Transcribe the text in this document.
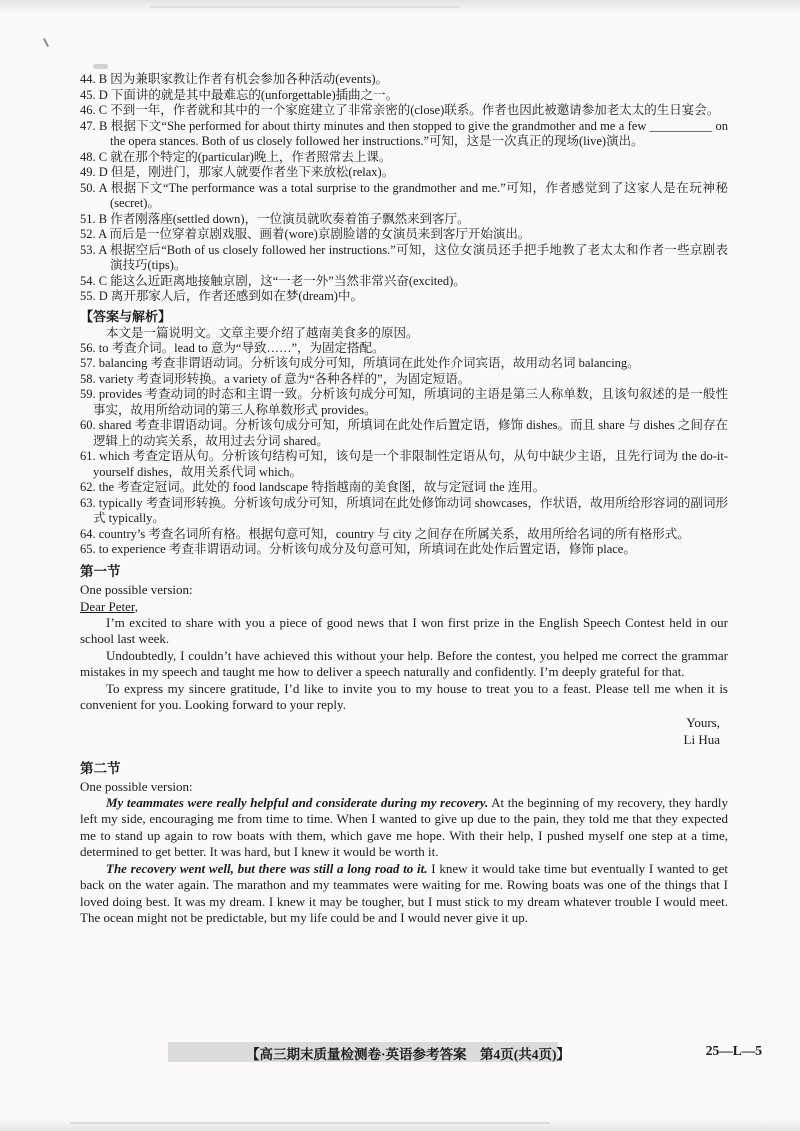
44. B 因为兼职家教让作者有机会参加各种活动(events)。
45. D 下面讲的就是其中最难忘的(unforgettable)插曲之一。
46. C 不到一年，作者就和其中的一个家庭建立了非常亲密的(close)联系。作者也因此被邀请参加老太太的生日宴会。
47. B 根据下文“She performed for about thirty minutes and then stopped to give the grandmother and me a few __________ on the opera stances. Both of us closely followed her instructions.”可知，这是一次真正的现场(live)演出。
48. C 就在那个特定的(particular)晚上，作者照常去上课。
49. D 但是，刚进门，那家人就要作者坐下来放松(relax)。
50. A 根据下文“The performance was a total surprise to the grandmother and me.”可知，作者感觉到了这家人是在玩神秘(secret)。
51. B 作者刚落座(settled down)，一位演员就吹奏着笛子飘然来到客厅。
52. A 而后是一位穿着京剧戏服、画着(wore)京剧脸谱的女演员来到客厅开始演出。
53. A 根据空后“Both of us closely followed her instructions.”可知，这位女演员还手把手地教了老太太和作者一些京剧表演技巧(tips)。
54. C 能这么近距离地接触京剧，这“一老一外”当然非常兴奋(excited)。
55. D 离开那家人后，作者还感到如在梦(dream)中。
【答案与解析】
本文是一篇说明文。文章主要介绍了越南美食多的原因。
56. to 考查介词。lead to 意为“导致……”，为固定搭配。
57. balancing 考查非谓语动词。分析该句成分可知，所填词在此处作介词宾语，故用动名词 balancing。
58. variety 考查词形转换。a variety of 意为“各种各样的”，为固定短语。
59. provides 考查动词的时态和主谓一致。分析该句成分可知，所填词的主语是第三人称单数，且该句叙述的是一般性事实，故用所给动词的第三人称单数形式 provides。
60. shared 考查非谓语动词。分析该句成分可知，所填词在此处作后置定语，修饰 dishes。而且 share 与 dishes 之间存在逻辑上的动宾关系，故用过去分词 shared。
61. which 考查定语从句。分析该句结构可知，该句是一个非限制性定语从句，从句中缺少主语，且先行词为 the do-it-yourself dishes，故用关系代词 which。
62. the 考查定冠词。此处的 food landscape 特指越南的美食图，故与定冠词 the 连用。
63. typically 考查词形转换。分析该句成分可知，所填词在此处修饰动词 showcases，作状语，故用所给形容词的副词形式 typically。
64. country’s 考查名词所有格。根据句意可知，country 与 city 之间存在所属关系，故用所给名词的所有格形式。
65. to experience 考查非谓语动词。分析该句成分及句意可知，所填词在此处作后置定语，修饰 place。
第一节
One possible version:
Dear Peter,

I’m excited to share with you a piece of good news that I won first prize in the English Speech Contest held in our school last week.

Undoubtedly, I couldn’t have achieved this without your help. Before the contest, you helped me correct the grammar mistakes in my speech and taught me how to deliver a speech naturally and confidently. I’m deeply grateful for that.

To express my sincere gratitude, I’d like to invite you to my house to treat you to a feast. Please tell me when it is convenient for you. Looking forward to your reply.

Yours,
Li Hua
第二节
One possible version:

My teammates were really helpful and considerate during my recovery. At the beginning of my recovery, they hardly left my side, encouraging me from time to time. When I wanted to give up due to the pain, they told me that they expected me to stand up again to row boats with them, which gave me hope. With their help, I pushed myself one step at a time, determined to get better. It was hard, but I knew it would be worth it.

The recovery went well, but there was still a long road to it. I knew it would take time but eventually I wanted to get back on the water again. The marathon and my teammates were waiting for me. Rowing boats was one of the things that I loved doing best. It was my dream. I knew it may be tougher, but I must stick to my dream whatever trouble I would meet. The ocean might not be predictable, but my life could be and I would never give it up.

【高三期末质量检测卷·英语参考答案　第4页(共4页)】	25—L—5
